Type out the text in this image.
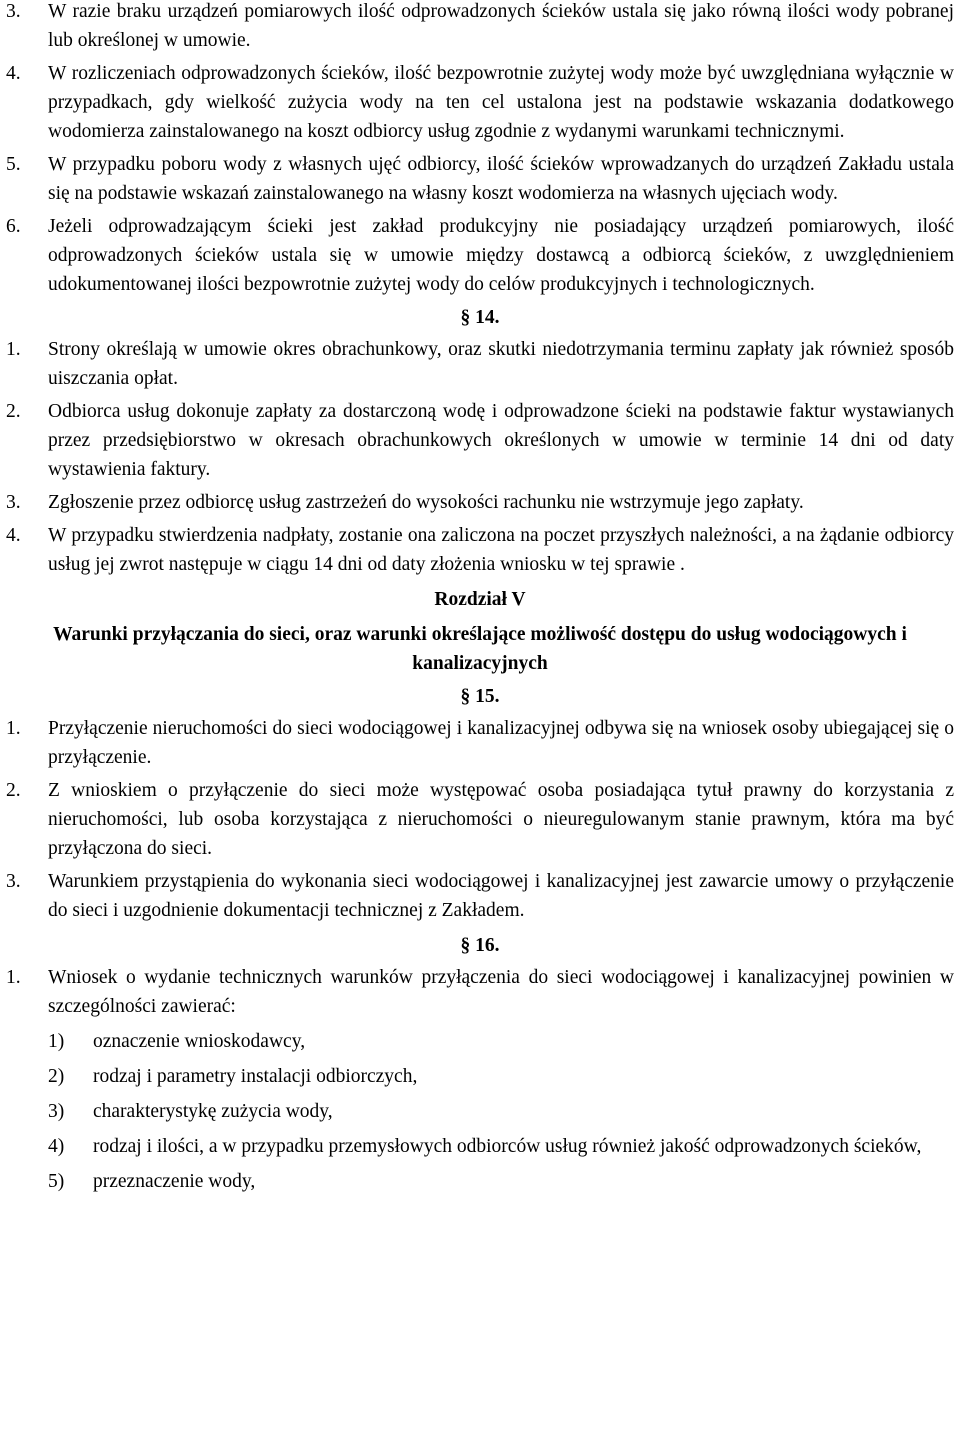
3. W razie braku urządzeń pomiarowych ilość odprowadzonych ścieków ustala się jako równą ilości wody pobranej lub określonej w umowie.

4. W rozliczeniach odprowadzonych ścieków, ilość bezpowrotnie zużytej wody może być uwzględniana wyłącznie w przypadkach, gdy wielkość zużycia wody na ten cel ustalona jest na podstawie wskazania dodatkowego wodomierza zainstalowanego na koszt odbiorcy usług zgodnie z wydanymi warunkami technicznymi.

5. W przypadku poboru wody z własnych ujęć odbiorcy, ilość ścieków wprowadzanych do urządzeń Zakładu ustala się na podstawie wskazań zainstalowanego na własny koszt wodomierza na własnych ujęciach wody.

6. Jeżeli odprowadzającym ścieki jest zakład produkcyjny nie posiadający urządzeń pomiarowych, ilość odprowadzonych ścieków ustala się w umowie między dostawcą a odbiorcą ścieków, z uwzględnieniem udokumentowanej ilości bezpowrotnie zużytej wody do celów produkcyjnych i technologicznych.

§ 14.

1. Strony określają w umowie okres obrachunkowy, oraz skutki niedotrzymania terminu zapłaty jak również sposób uiszczania opłat.

2. Odbiorca usług dokonuje zapłaty za dostarczoną wodę i odprowadzone ścieki na podstawie faktur wystawianych przez przedsiębiorstwo w okresach obrachunkowych określonych w umowie w terminie 14 dni od daty wystawienia faktury.

3. Zgłoszenie przez odbiorcę usług zastrzeżeń do wysokości rachunku nie wstrzymuje jego zapłaty.

4. W przypadku stwierdzenia nadpłaty, zostanie ona zaliczona na poczet przyszłych należności, a na żądanie odbiorcy usług jej zwrot następuje w ciągu 14 dni od daty złożenia wniosku w tej sprawie .

Rozdział V

Warunki przyłączania do sieci, oraz warunki określające możliwość dostępu do usług wodociągowych i kanalizacyjnych

§ 15.

1. Przyłączenie nieruchomości do sieci wodociągowej i kanalizacyjnej odbywa się na wniosek osoby ubiegającej się o przyłączenie.

2. Z wnioskiem o przyłączenie do sieci może występować osoba posiadająca tytuł prawny do korzystania z nieruchomości, lub osoba korzystająca z nieruchomości o nieuregulowanym stanie prawnym, która ma być przyłączona do sieci.

3. Warunkiem przystąpienia do wykonania sieci wodociągowej i kanalizacyjnej jest zawarcie umowy o przyłączenie do sieci i uzgodnienie dokumentacji technicznej z Zakładem.

§ 16.

1. Wniosek o wydanie technicznych warunków przyłączenia do sieci wodociągowej i kanalizacyjnej powinien w szczególności zawierać:

1) oznaczenie wnioskodawcy,

2) rodzaj i parametry instalacji odbiorczych,

3) charakterystykę zużycia wody,

4) rodzaj i ilości, a w przypadku przemysłowych odbiorców usług również jakość odprowadzonych ścieków,

5) przeznaczenie wody,
